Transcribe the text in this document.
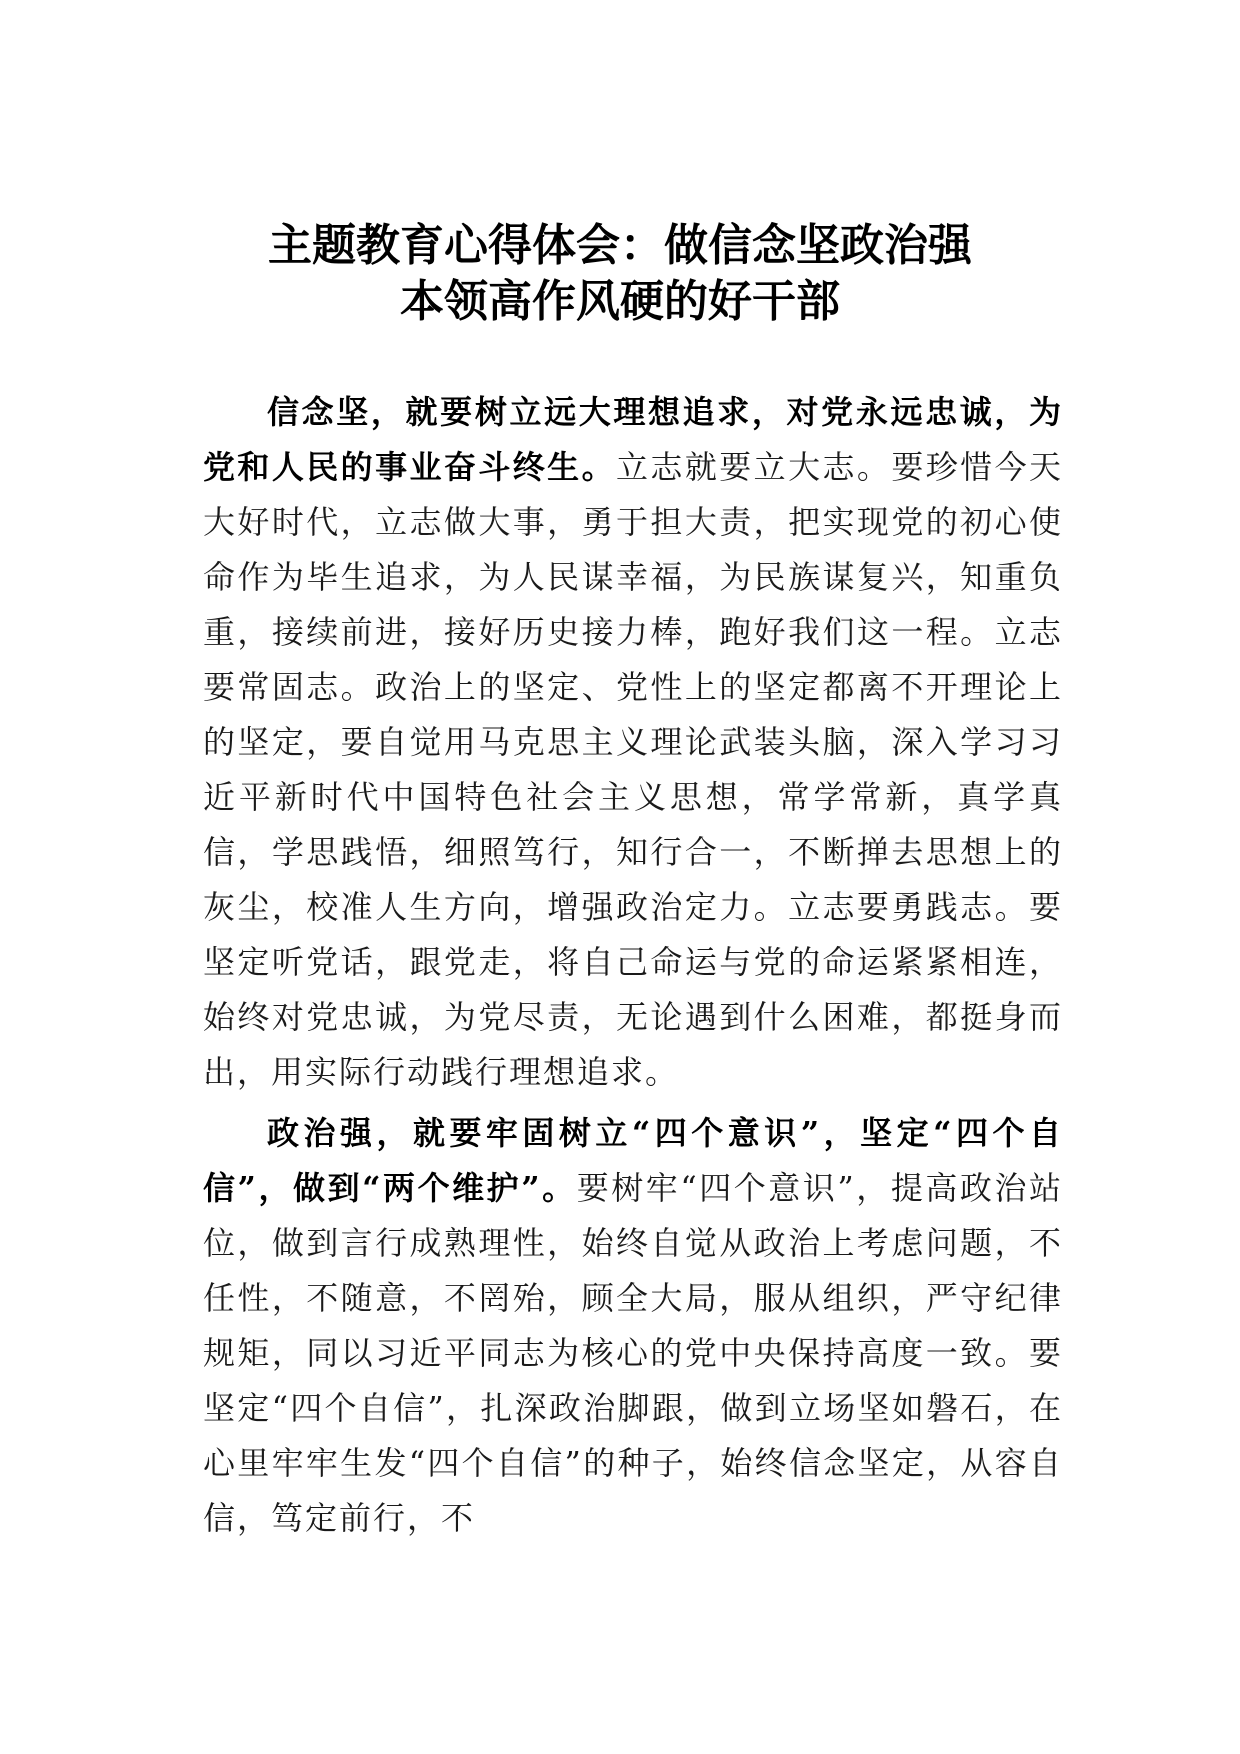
主题教育心得体会：做信念坚政治强
本领高作风硬的好干部

信念坚，就要树立远大理想追求，对党永远忠诚，为党和人民的事业奋斗终生。立志就要立大志。要珍惜今天大好时代，立志做大事，勇于担大责，把实现党的初心使命作为毕生追求，为人民谋幸福，为民族谋复兴，知重负重，接续前进，接好历史接力棒，跑好我们这一程。立志要常固志。政治上的坚定、党性上的坚定都离不开理论上的坚定，要自觉用马克思主义理论武装头脑，深入学习习近平新时代中国特色社会主义思想，常学常新，真学真信，学思践悟，细照笃行，知行合一，不断掸去思想上的灰尘，校准人生方向，增强政治定力。立志要勇践志。要坚定听党话，跟党走，将自己命运与党的命运紧紧相连，始终对党忠诚，为党尽责，无论遇到什么困难，都挺身而出，用实际行动践行理想追求。

政治强，就要牢固树立“四个意识”，坚定“四个自信”，做到“两个维护”。要树牢“四个意识”，提高政治站位，做到言行成熟理性，始终自觉从政治上考虑问题，不任性，不随意，不罔殆，顾全大局，服从组织，严守纪律规矩，同以习近平同志为核心的党中央保持高度一致。要坚定“四个自信”，扎深政治脚跟，做到立场坚如磐石，在心里牢牢生发“四个自信”的种子，始终信念坚定，从容自信，笃定前行，不
